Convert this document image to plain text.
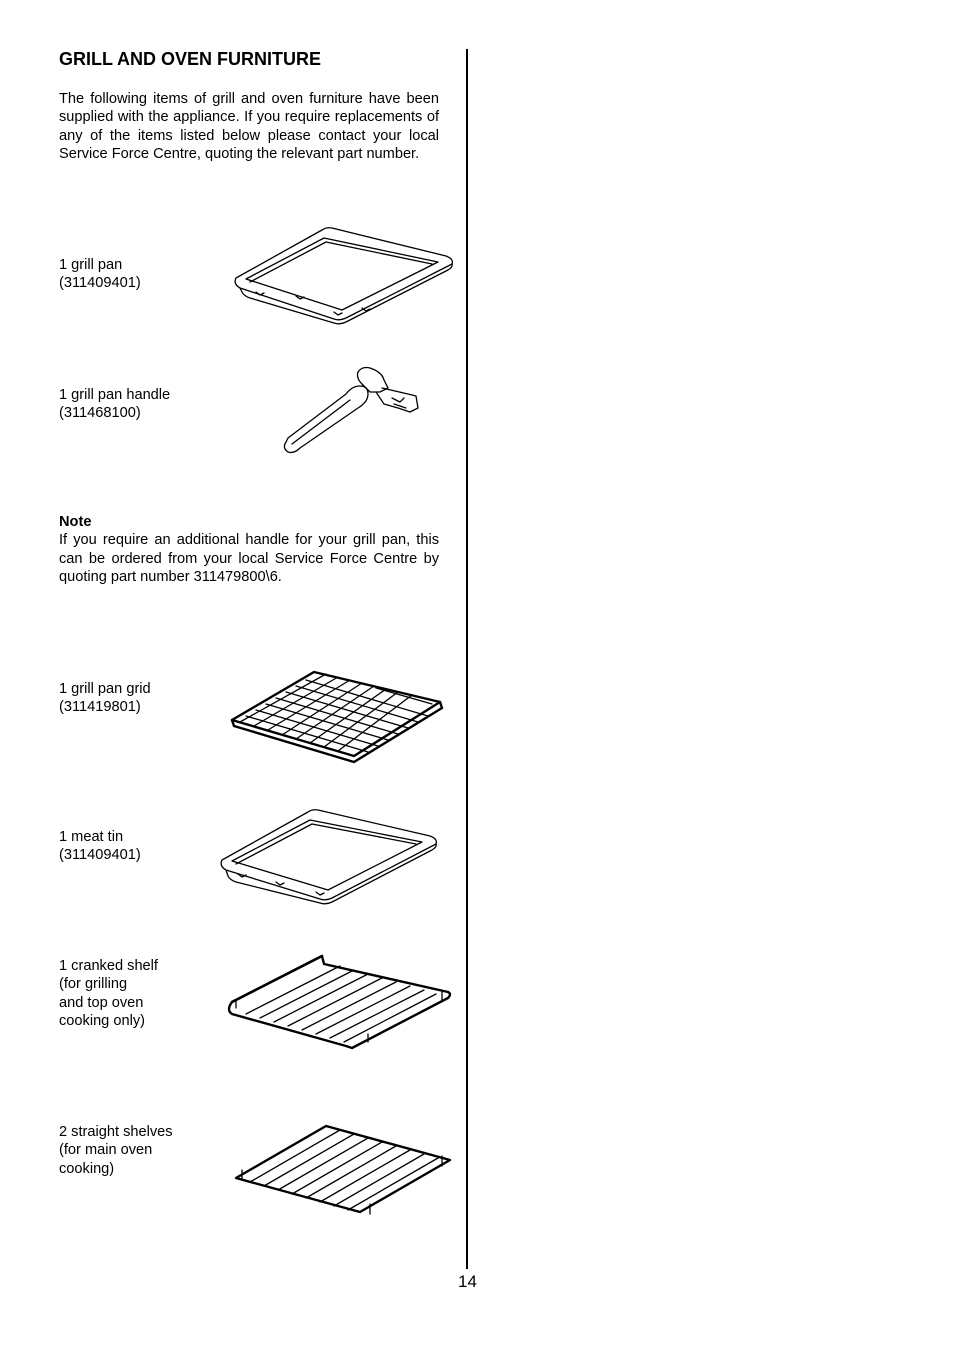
GRILL AND OVEN FURNITURE

The following items of grill and oven furniture have been supplied with the appliance. If you require replacements of any of the items listed below please contact your local Service Force Centre, quoting the relevant part number.

1 grill pan
(311409401)
1 grill pan handle
(311468100)
Note
If you require an additional handle for your grill pan, this can be ordered from your local Service Force Centre by quoting part number 311479800\6.
1 grill pan grid
(311419801)
1 meat tin
(311409401)
1 cranked shelf
(for grilling
and top oven
cooking only)
2 straight shelves
(for main oven
cooking)
14
